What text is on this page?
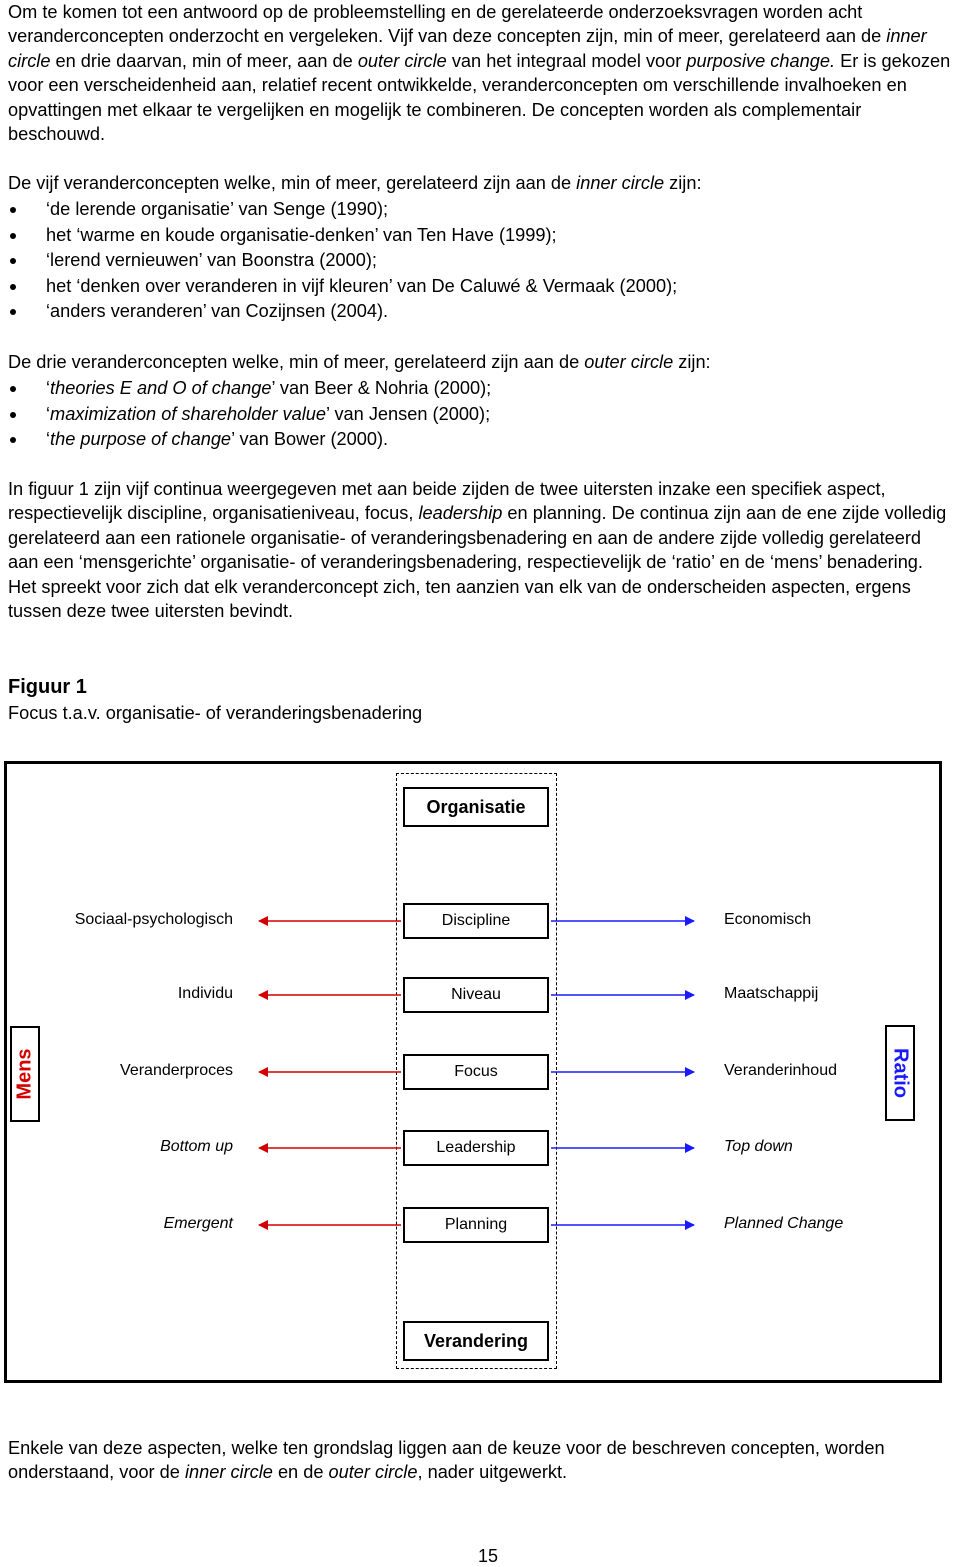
Om te komen tot een antwoord op de probleemstelling en de gerelateerde onderzoeksvragen worden acht veranderconcepten onderzocht en vergeleken. Vijf van deze concepten zijn, min of meer, gerelateerd aan de inner circle en drie daarvan, min of meer, aan de outer circle van het integraal model voor purposive change. Er is gekozen voor een verscheidenheid aan, relatief recent ontwikkelde, veranderconcepten om verschillende invalhoeken en opvattingen met elkaar te vergelijken en mogelijk te combineren. De concepten worden als complementair beschouwd.

De vijf veranderconcepten welke, min of meer, gerelateerd zijn aan de inner circle zijn:

‘de lerende organisatie’ van Senge (1990);
het ‘warme en koude organisatie-denken’ van Ten Have (1999);
‘lerend vernieuwen’ van Boonstra (2000);
het ‘denken over veranderen in vijf kleuren’ van De Caluwé & Vermaak (2000);
‘anders veranderen’ van Cozijnsen (2004).

De drie veranderconcepten welke, min of meer, gerelateerd zijn aan de outer circle zijn:

‘theories E and O of change’ van Beer & Nohria (2000);
‘maximization of shareholder value’ van Jensen (2000);
‘the purpose of change’ van Bower (2000).

In figuur 1 zijn vijf continua weergegeven met aan beide zijden de twee uitersten inzake een specifiek aspect, respectievelijk discipline, organisatieniveau, focus, leadership en planning. De continua zijn aan de ene zijde volledig gerelateerd aan een rationele organisatie- of veranderingsbenadering en aan de andere zijde volledig gerelateerd aan een ‘mensgerichte’ organisatie- of veranderingsbenadering, respectievelijk de ‘ratio’ en de ‘mens’ benadering. Het spreekt voor zich dat elk veranderconcept zich, ten aanzien van elk van de onderscheiden aspecten, ergens tussen deze twee uitersten bevindt.

Figuur 1
Focus t.a.v. organisatie- of veranderingsbenadering
Organisatie
Discipline
Sociaal-psychologisch	Economisch
Niveau
Individu	Maatschappij
Focus
Veranderproces	Veranderinhoud
Leadership
Bottom up	Top down
Planning
Emergent	Planned Change
Verandering
Mens	Ratio

Enkele van deze aspecten, welke ten grondslag liggen aan de keuze voor de beschreven concepten, worden onderstaand, voor de inner circle en de outer circle, nader uitgewerkt.

15
